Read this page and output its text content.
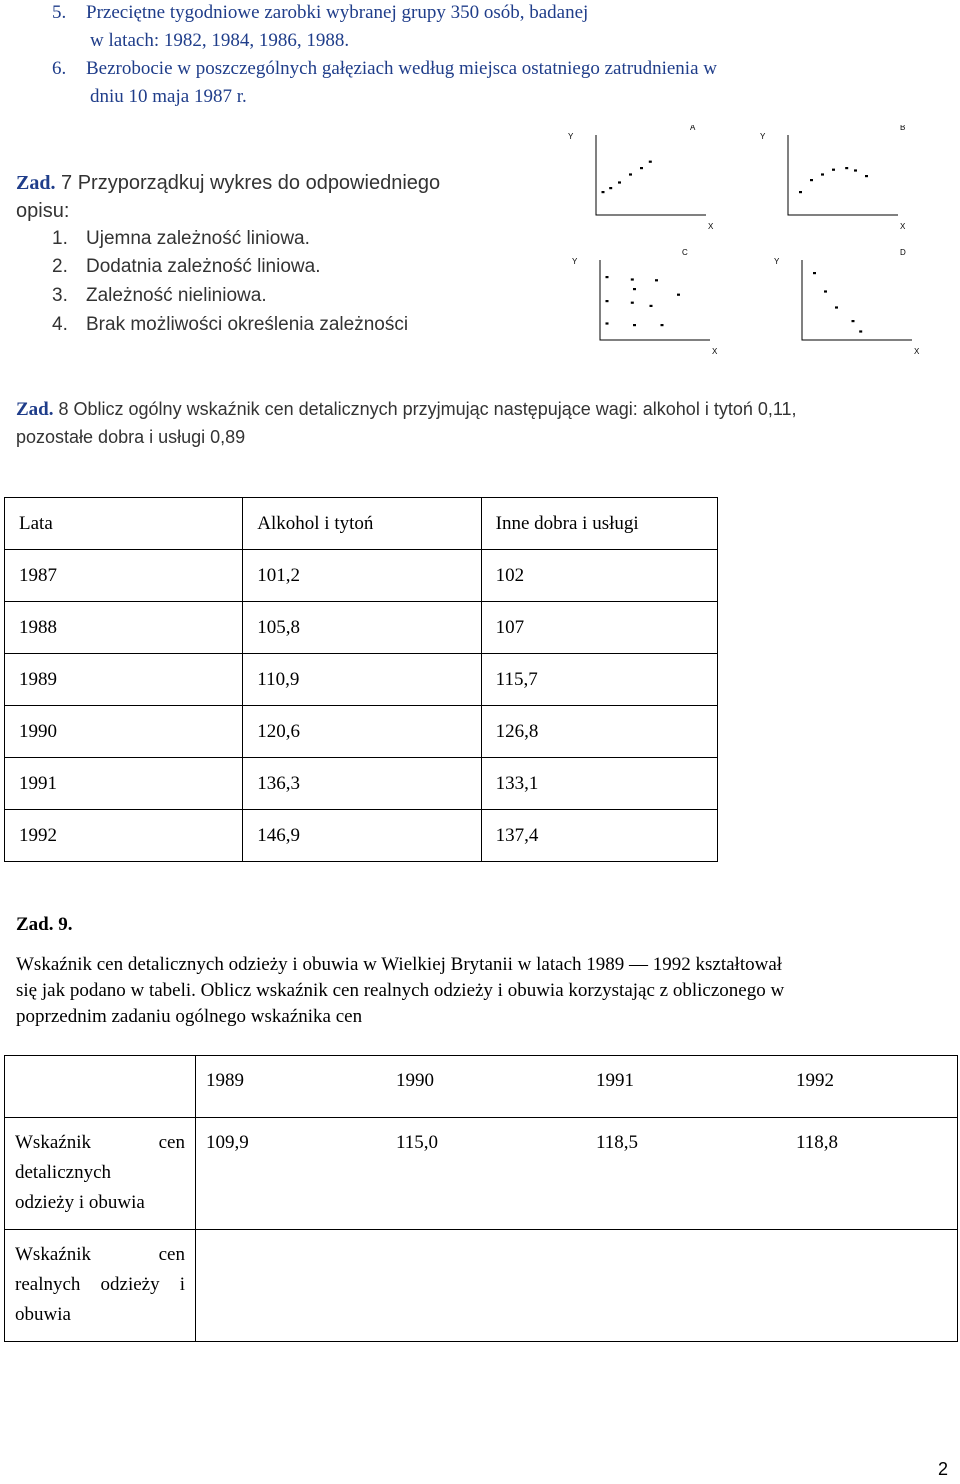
5. Przeciętne tygodniowe zarobki wybranej grupy 350 osób, badanej
w latach: 1982, 1984, 1986, 1988.
6. Bezrobocie w poszczególnych gałęziach według miejsca ostatniego zatrudnienia w
dniu 10 maja 1987 r.
Zad. 7 Przyporządkuj wykres do odpowiedniego
opisu:
1. Ujemna zależność liniowa.
2. Dodatnia zależność liniowa.
3. Zależność nieliniowa.
4. Brak możliwości określenia zależności
Y
X
A
Y
X
B
Y
X
C
Y
X
D
Zad. 8 Oblicz ogólny wskaźnik cen detalicznych przyjmując następujące wagi: alkohol i tytoń 0,11,
pozostałe dobra i usługi 0,89
Lata	Alkohol i tytoń	Inne dobra i usługi
1987	101,2	102
1988	105,8	107
1989	110,9	115,7
1990	120,6	126,8
1991	136,3	133,1
1992	146,9	137,4
Zad. 9.
Wskaźnik cen detalicznych odzieży i obuwia w Wielkiej Brytanii w latach 1989 — 1992 kształtował
się jak podano w tabeli. Oblicz wskaźnik cen realnych odzieży i obuwia korzystając z obliczonego w
poprzednim zadaniu ogólnego wskaźnika cen
	1989	1990	1991	1992

Wskaźnik cen
detalicznych
odzieży i obuwia	109,9	115,0	118,5	118,8

Wskaźnik cen
realnych odzieży i
obuwia				

2
